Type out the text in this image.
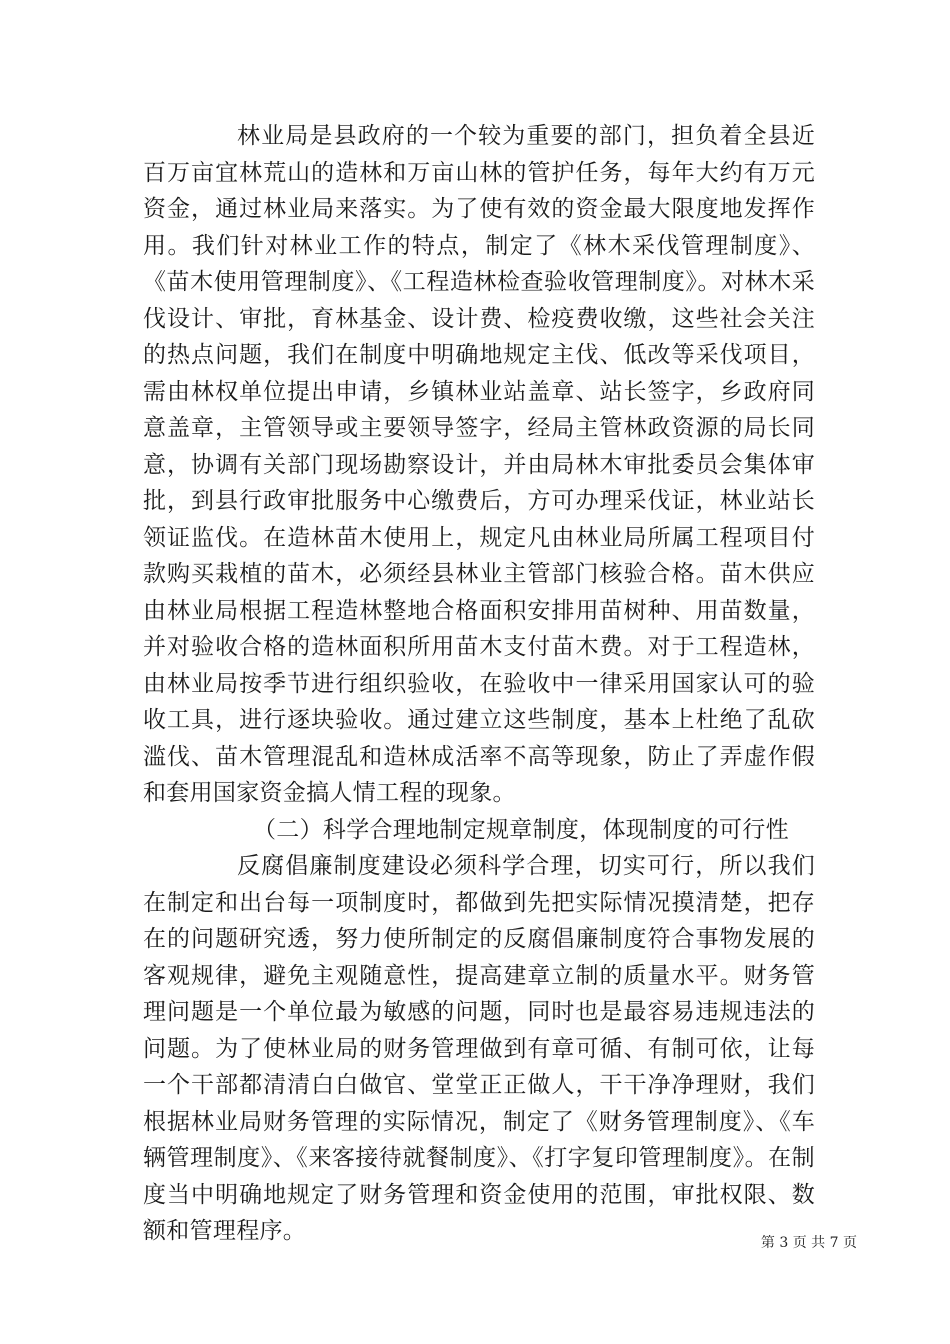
林业局是县政府的一个较为重要的部门，担负着全县近百万亩宜林荒山的造林和万亩山林的管护任务，每年大约有万元资金，通过林业局来落实。为了使有效的资金最大限度地发挥作用。我们针对林业工作的特点，制定了《林木采伐管理制度》、《苗木使用管理制度》、《工程造林检查验收管理制度》。对林木采伐设计、审批，育林基金、设计费、检疫费收缴，这些社会关注的热点问题，我们在制度中明确地规定主伐、低改等采伐项目，需由林权单位提出申请，乡镇林业站盖章、站长签字，乡政府同意盖章，主管领导或主要领导签字，经局主管林政资源的局长同意，协调有关部门现场勘察设计，并由局林木审批委员会集体审批，到县行政审批服务中心缴费后，方可办理采伐证，林业站长领证监伐。在造林苗木使用上，规定凡由林业局所属工程项目付款购买栽植的苗木，必须经县林业主管部门核验合格。苗木供应由林业局根据工程造林整地合格面积安排用苗树种、用苗数量，并对验收合格的造林面积所用苗木支付苗木费。对于工程造林，由林业局按季节进行组织验收，在验收中一律采用国家认可的验收工具，进行逐块验收。通过建立这些制度，基本上杜绝了乱砍滥伐、苗木管理混乱和造林成活率不高等现象，防止了弄虚作假和套用国家资金搞人情工程的现象。

（二）科学合理地制定规章制度，体现制度的可行性

反腐倡廉制度建设必须科学合理，切实可行，所以我们在制定和出台每一项制度时，都做到先把实际情况摸清楚，把存在的问题研究透，努力使所制定的反腐倡廉制度符合事物发展的客观规律，避免主观随意性，提高建章立制的质量水平。财务管理问题是一个单位最为敏感的问题，同时也是最容易违规违法的问题。为了使林业局的财务管理做到有章可循、有制可依，让每一个干部都清清白白做官、堂堂正正做人，干干净净理财，我们根据林业局财务管理的实际情况，制定了《财务管理制度》、《车辆管理制度》、《来客接待就餐制度》、《打字复印管理制度》。在制度当中明确地规定了财务管理和资金使用的范围，审批权限、数额和管理程序。	第 3 页 共 7 页
